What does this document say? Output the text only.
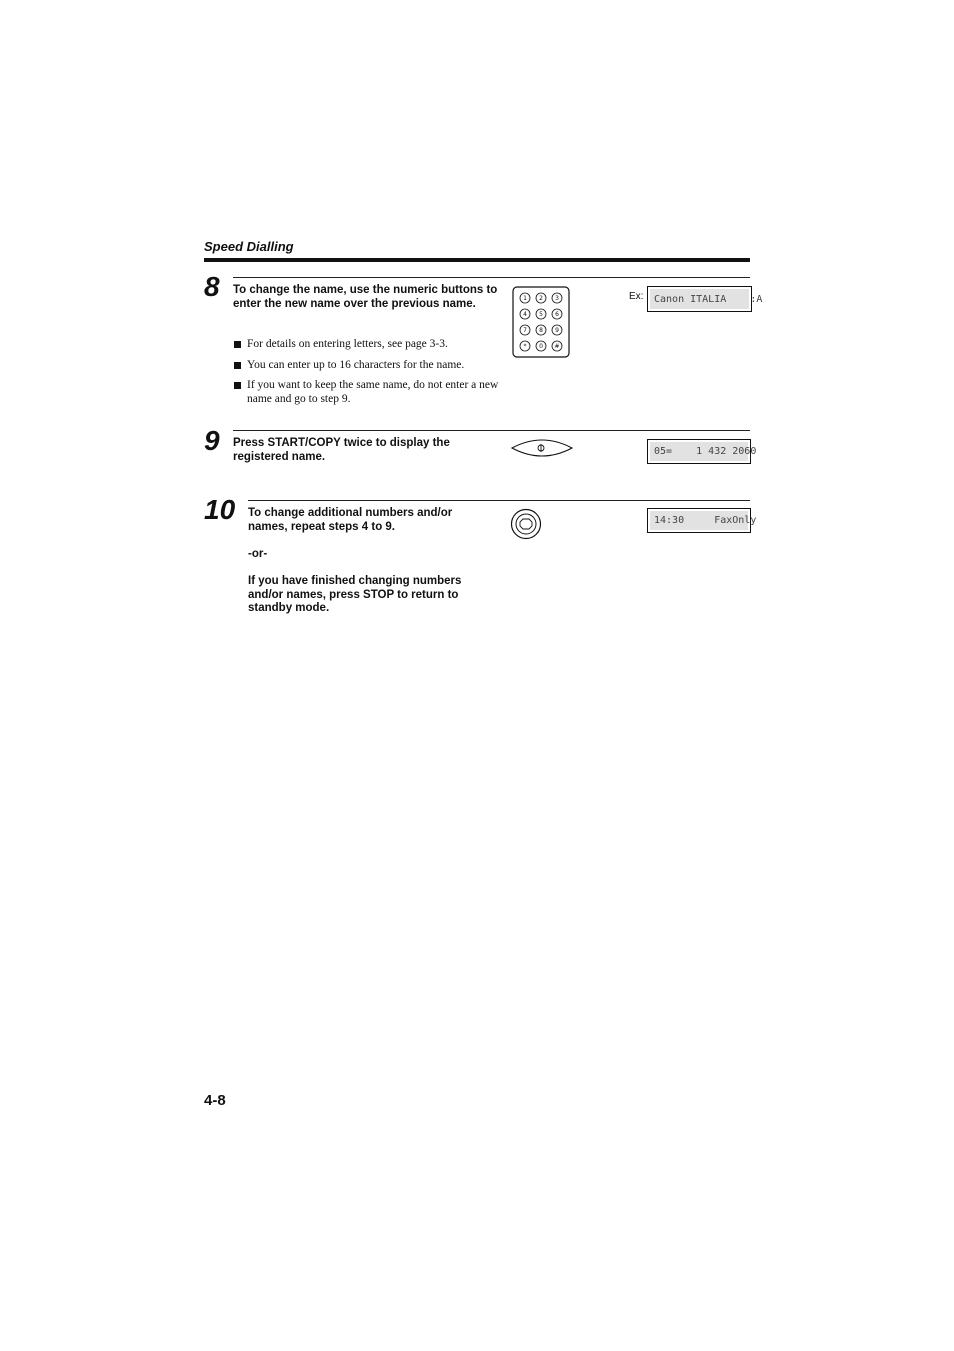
Speed Dialling
8 To change the name, use the numeric buttons to enter the new name over the previous name.
For details on entering letters, see page 3-3.
You can enter up to 16 characters for the name.
If you want to keep the same name, do not enter a new name and go to step 9.
1 2 3
4 5 6
7 8 9
* 0 #
Ex:	Canon ITALIA    :A
9 Press START/COPY twice to display the registered name.	05=    1 432 2060
10 To change additional numbers and/or names, repeat steps 4 to 9.
-or-
If you have finished changing numbers and/or names, press STOP to return to standby mode.
14:30     FaxOnly
4-8
